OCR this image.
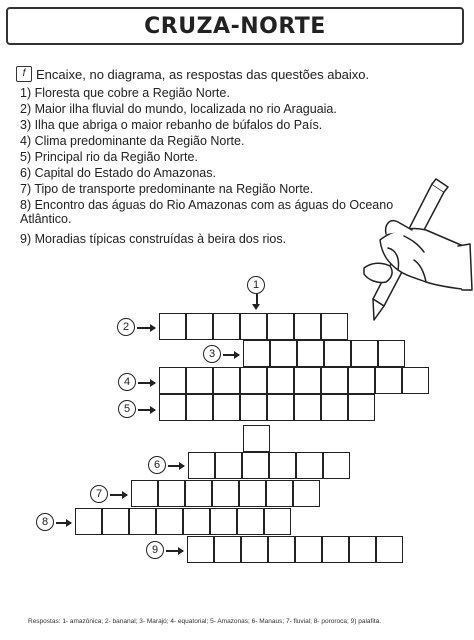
CRUZA-NORTE
f Encaixe, no diagrama, as respostas das questões abaixo.
1) Floresta que cobre a Região Norte.
2) Maior ilha fluvial do mundo, localizada no rio Araguaia.
3) Ilha que abriga o maior rebanho de búfalos do País.
4) Clima predominante da Região Norte.
5) Principal rio da Região Norte.
6) Capital do Estado do Amazonas.
7) Tipo de transporte predominante na Região Norte.
8) Encontro das águas do Rio Amazonas com as águas do Oceano Atlântico.
9) Moradias típicas construídas à beira dos rios.
1
2
3
4
5
6
7
8
9
Respostas: 1- amazônica; 2- bananal; 3- Marajó; 4- equatorial; 5- Amazonas; 6- Manaus; 7- fluvial; 8- pororoca; 9) palafita.
